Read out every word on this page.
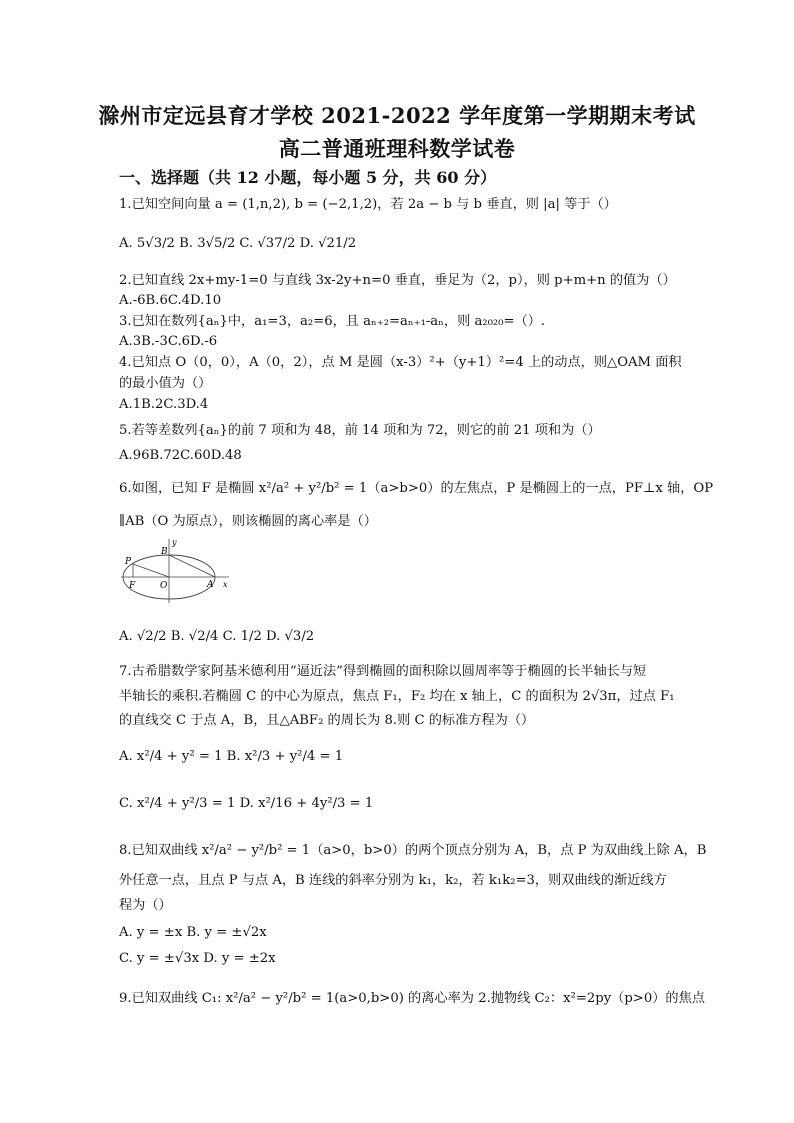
滁州市定远县育才学校 2021-2022 学年度第一学期期末考试
高二普通班理科数学试卷
一、选择题（共 12 小题，每小题 5 分，共 60 分）
1.已知空间向量 a = (1,n,2), b = (−2,1,2)，若 2a − b 与 b 垂直，则 |a| 等于（）
A. 5√3/2 B. 3√5/2 C. √37/2 D. √21/2
2.已知直线 2x+my-1=0 与直线 3x-2y+n=0 垂直，垂足为（2，p），则 p+m+n 的值为（）
A.-6B.6C.4D.10
3.已知在数列{aₙ}中，a₁=3，a₂=6，且 aₙ₊₂=aₙ₊₁-aₙ，则 a₂₀₂₀=（）.
A.3B.-3C.6D.-6
4.已知点 O（0，0），A（0，2），点 M 是圆（x-3）²+（y+1）²=4 上的动点，则△OAM 面积
的最小值为（）
A.1B.2C.3D.4
5.若等差数列{aₙ}的前 7 项和为 48，前 14 项和为 72，则它的前 21 项和为（）
A.96B.72C.60D.48
6.如图，已知 F 是椭圆 x²/a² + y²/b² = 1（a>b>0）的左焦点，P 是椭圆上的一点，PF⊥x 轴，OP
∥AB（O 为原点），则该椭圆的离心率是（）
y
P
B
F	O	A x
A. √2/2 B. √2/4 C. 1/2 D. √3/2
7.古希腊数学家阿基米德利用“逼近法”得到椭圆的面积除以圆周率等于椭圆的长半轴长与短
半轴长的乘积.若椭圆 C 的中心为原点，焦点 F₁，F₂ 均在 x 轴上，C 的面积为 2√3π，过点 F₁
的直线交 C 于点 A，B，且△ABF₂ 的周长为 8.则 C 的标准方程为（）
A. x²/4 + y² = 1 B. x²/3 + y²/4 = 1
C. x²/4 + y²/3 = 1 D. x²/16 + 4y²/3 = 1
8.已知双曲线 x²/a² − y²/b² = 1（a>0，b>0）的两个顶点分别为 A，B，点 P 为双曲线上除 A，B
外任意一点，且点 P 与点 A，B 连线的斜率分别为 k₁，k₂，若 k₁k₂=3，则双曲线的渐近线方
程为（）
A. y = ±x B. y = ±√2x
C. y = ±√3x D. y = ±2x
9.已知双曲线 C₁: x²/a² − y²/b² = 1(a>0,b>0) 的离心率为 2.抛物线 C₂：x²=2py（p>0）的焦点
